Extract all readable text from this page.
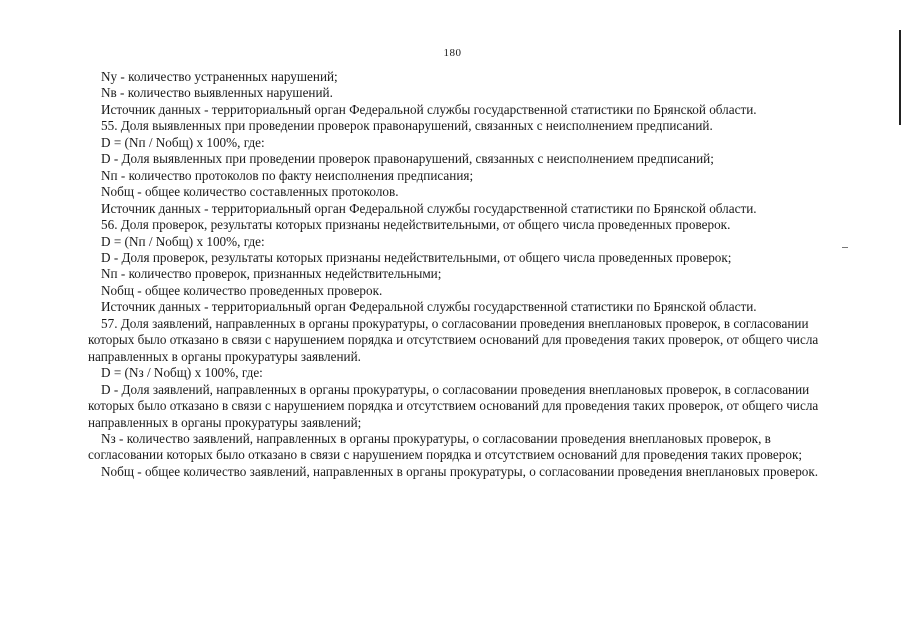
180

Nу - количество устраненных нарушений;

Nв - количество выявленных нарушений.

Источник данных - территориальный орган Федеральной службы государственной статистики по Брянской области.

55. Доля выявленных при проведении проверок правонарушений, связанных с неисполнением предписаний.

D = (Nп / Nобщ) х 100%, где:

D - Доля выявленных при проведении проверок правонарушений, связанных с неисполнением предписаний;

Nп - количество протоколов по факту неисполнения предписания;

Nобщ - общее количество составленных протоколов.

Источник данных - территориальный орган Федеральной службы государственной статистики по Брянской области.

56. Доля проверок, результаты которых признаны недействительными, от общего числа проведенных проверок.

D = (Nп / Nобщ) х 100%, где:

D - Доля проверок, результаты которых признаны недействительными, от общего числа проведенных проверок;

Nп - количество проверок, признанных недействительными;

Nобщ - общее количество проведенных проверок.

Источник данных - территориальный орган Федеральной службы государственной статистики по Брянской области.

57. Доля заявлений, направленных в органы прокуратуры, о согласовании проведения внеплановых проверок, в согласовании которых было отказано в связи с нарушением порядка и отсутствием оснований для проведения таких проверок, от общего числа направленных в органы прокуратуры заявлений.

D = (Nз / Nобщ) х 100%, где:

D - Доля заявлений, направленных в органы прокуратуры, о согласовании проведения внеплановых проверок, в согласовании которых было отказано в связи с нарушением порядка и отсутствием оснований для проведения таких проверок, от общего числа направленных в органы прокуратуры заявлений;

Nз - количество заявлений, направленных в органы прокуратуры, о согласовании проведения внеплановых проверок, в согласовании которых было отказано в связи с нарушением порядка и отсутствием оснований для проведения таких проверок;

Nобщ - общее количество заявлений, направленных в органы прокуратуры, о согласовании проведения внеплановых проверок.
